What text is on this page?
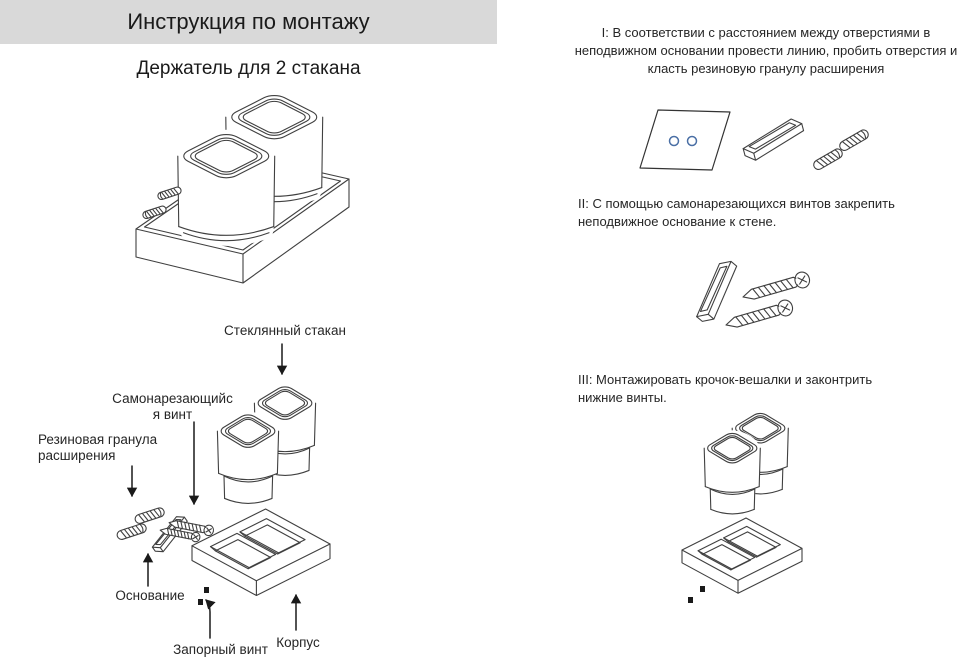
Инструкция по монтажу
Держатель для 2 стакана
I: В соответствии с расстоянием между отверстиями в неподвижном основании провести линию, пробить отверстия и класть резиновую гранулу расширения
II: С помощью самонарезающихся винтов закрепить неподвижное основание к стене.
III: Монтажировать крочок-вешалки и законтрить нижние винты.
Стеклянный стакан
Самонарезающийс
я винт
Резиновая гранула
расширения
Основание
Запорный винт Корпус
